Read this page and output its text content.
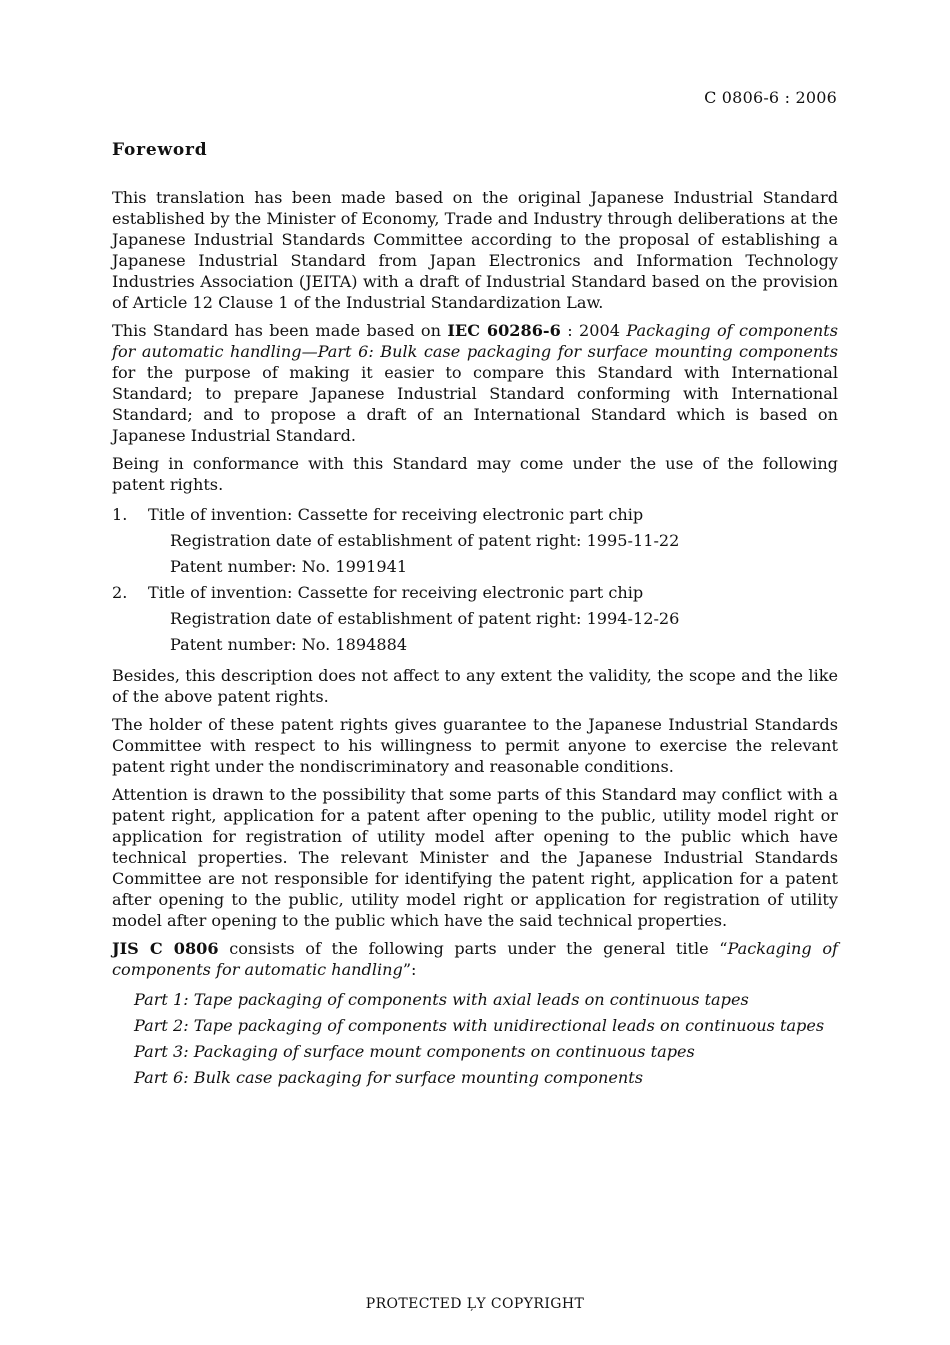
C 0806-6 : 2006
Foreword

This translation has been made based on the original Japanese Industrial Standard established by the Minister of Economy, Trade and Industry through deliberations at the Japanese Industrial Standards Committee according to the proposal of establishing a Japanese Industrial Standard from Japan Electronics and Information Technology Industries Association (JEITA) with a draft of Industrial Standard based on the provision of Article 12 Clause 1 of the Industrial Standardization Law.

This Standard has been made based on IEC 60286-6 : 2004 Packaging of components for automatic handling—Part 6: Bulk case packaging for surface mounting components for the purpose of making it easier to compare this Standard with International Standard; to prepare Japanese Industrial Standard conforming with International Standard; and to propose a draft of an International Standard which is based on Japanese Industrial Standard.

Being in conformance with this Standard may come under the use of the following patent rights.

1. Title of invention: Cassette for receiving electronic part chip
Registration date of establishment of patent right: 1995-11-22
Patent number: No. 1991941
2. Title of invention: Cassette for receiving electronic part chip
Registration date of establishment of patent right: 1994-12-26
Patent number: No. 1894884

Besides, this description does not affect to any extent the validity, the scope and the like of the above patent rights.

The holder of these patent rights gives guarantee to the Japanese Industrial Standards Committee with respect to his willingness to permit anyone to exercise the relevant patent right under the nondiscriminatory and reasonable conditions.

Attention is drawn to the possibility that some parts of this Standard may conflict with a patent right, application for a patent after opening to the public, utility model right or application for registration of utility model after opening to the public which have technical properties. The relevant Minister and the Japanese Industrial Standards Committee are not responsible for identifying the patent right, application for a patent after opening to the public, utility model right or application for registration of utility model after opening to the public which have the said technical properties.

JIS C 0806 consists of the following parts under the general title “Packaging of components for automatic handling”:

Part 1: Tape packaging of components with axial leads on continuous tapes
Part 2: Tape packaging of components with unidirectional leads on continuous tapes
Part 3: Packaging of surface mount components on continuous tapes
Part 6: Bulk case packaging for surface mounting components
PROTECTED ĻY COPYRIGHT
